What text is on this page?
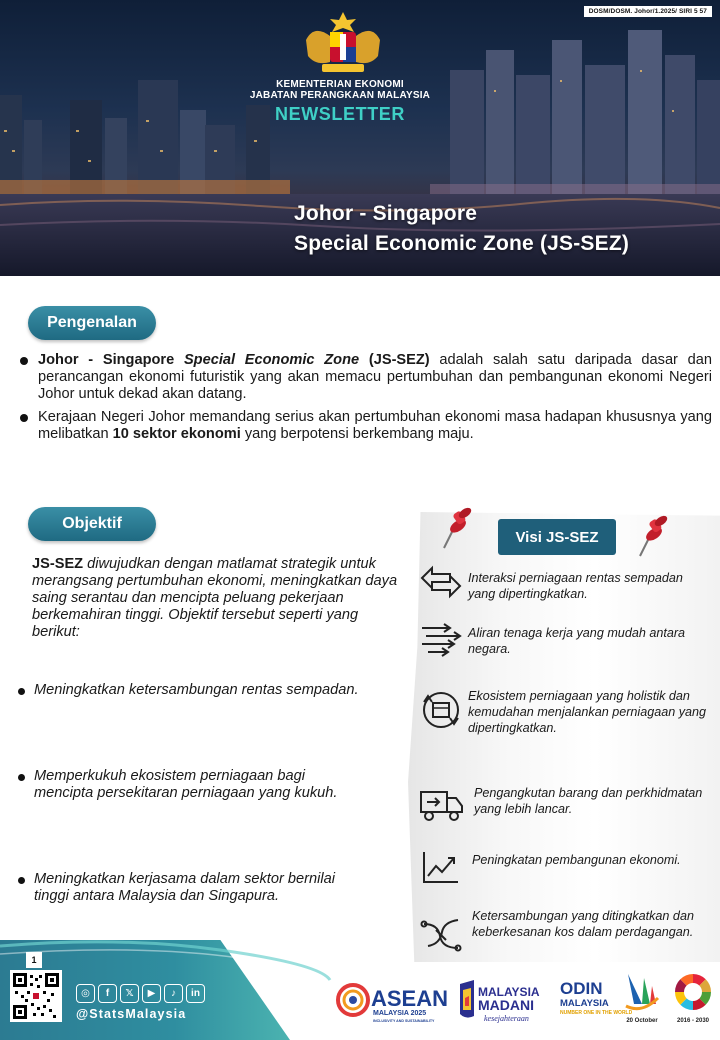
DOSM/DOSM. Johor/1.2025/ SIRI 5 57
KEMENTERIAN EKONOMI
JABATAN PERANGKAAN MALAYSIA
NEWSLETTER
Johor - Singapore
Special Economic Zone (JS-SEZ)
Pengenalan
Johor - Singapore Special Economic Zone (JS-SEZ) adalah salah satu daripada dasar dan perancangan ekonomi futuristik yang akan memacu pertumbuhan dan pembangunan ekonomi Negeri Johor untuk dekad akan datang.
Kerajaan Negeri Johor memandang serius akan pertumbuhan ekonomi masa hadapan khususnya yang melibatkan 10 sektor ekonomi yang berpotensi berkembang maju.
Objektif
JS-SEZ diwujudkan dengan matlamat strategik untuk merangsang pertumbuhan ekonomi, meningkatkan daya saing serantau dan mencipta peluang pekerjaan berkemahiran tinggi. Objektif tersebut seperti yang berikut:
Meningkatkan ketersambungan rentas sempadan.
Memperkukuh ekosistem perniagaan bagi mencipta persekitaran perniagaan yang kukuh.
Meningkatkan kerjasama dalam sektor bernilai tinggi antara Malaysia dan Singapura.
Visi JS-SEZ
Interaksi perniagaan rentas sempadan yang dipertingkatkan.
Aliran tenaga kerja yang mudah antara negara.
Ekosistem perniagaan yang holistik dan kemudahan menjalankan perniagaan yang dipertingkatkan.
Pengangkutan barang dan perkhidmatan yang lebih lancar.
Peningkatan pembangunan ekonomi.
Ketersambungan yang ditingkatkan dan keberkesanan kos dalam perdagangan.
1
◎	f	𝕏	▶	♪	in
@StatsMalaysia
ASEAN
MALAYSIA 2025
INCLUSIVITY AND SUSTAINABILITY
MALAYSIA
MADANI
kesejahteraan
ODIN
MALAYSIA
NUMBER ONE IN THE WORLD
20 October	2016 - 2030
